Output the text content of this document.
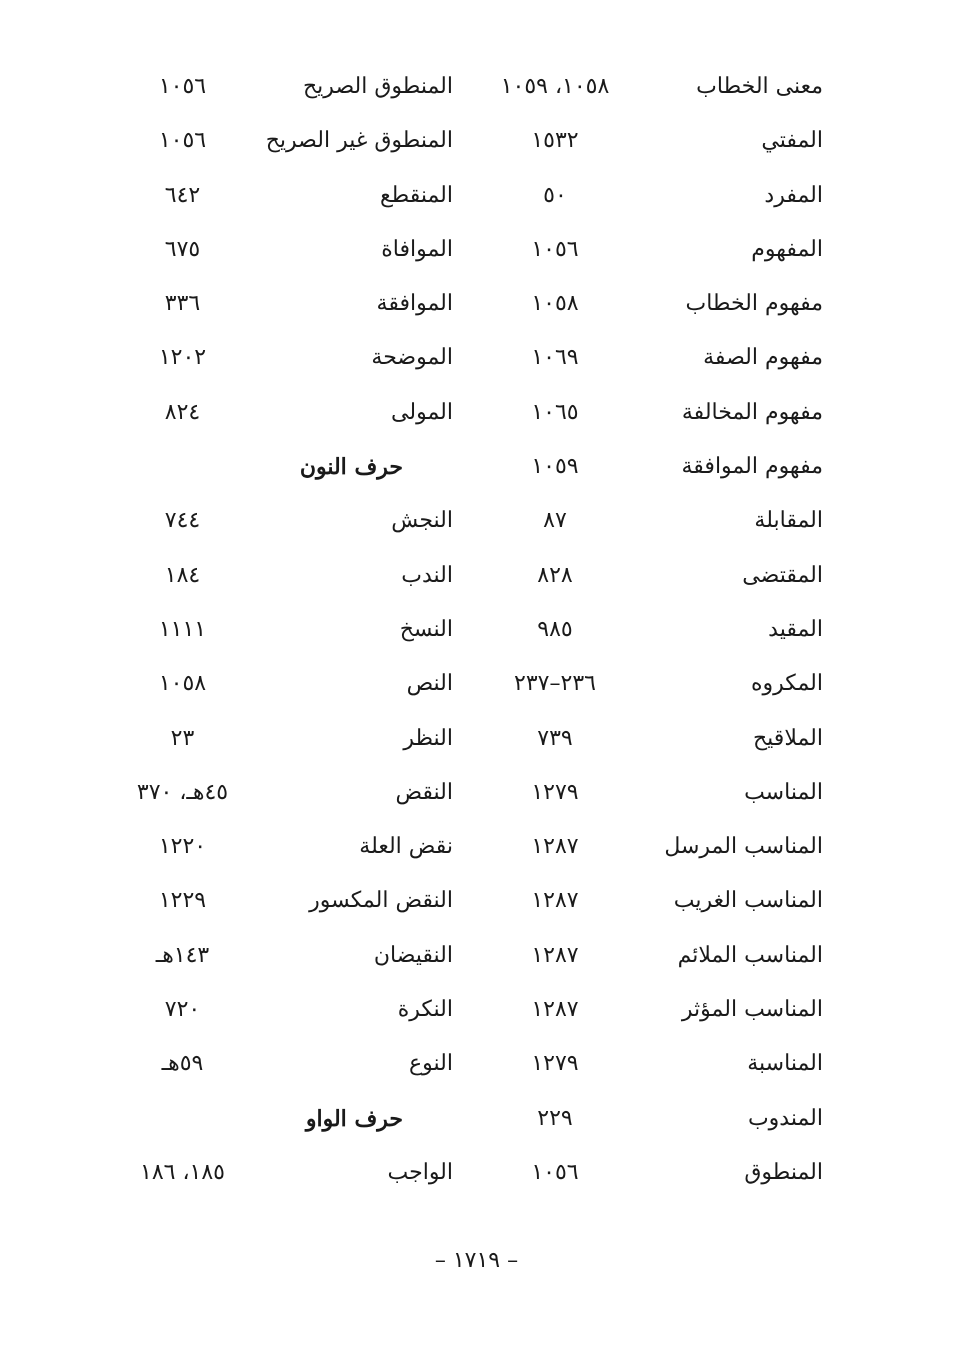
معنى الخطاب
١٠٥٨، ١٠٥٩
المنطوق الصريح
١٠٥٦
المفتي
١٥٣٢
المنطوق غير الصريح
١٠٥٦
المفرد
٥٠
المنقطع
٦٤٢
المفهوم
١٠٥٦
الموافاة
٦٧٥
مفهوم الخطاب
١٠٥٨
الموافقة
٣٣٦
مفهوم الصفة
١٠٦٩
الموضحة
١٢٠٢
مفهوم المخالفة
١٠٦٥
المولى
٨٢٤
مفهوم الموافقة
١٠٥٩
حرف النون
المقابلة
٨٧
النجش
٧٤٤
المقتضى
٨٢٨
الندب
١٨٤
المقيد
٩٨٥
النسخ
١١١١
المكروه
٢٣٦–٢٣٧
النص
١٠٥٨
الملاقيح
٧٣٩
النظر
٢٣
المناسب
١٢٧٩
النقض
٤٥هـ، ٣٧٠
المناسب المرسل
١٢٨٧
نقض العلة
١٢٢٠
المناسب الغريب
١٢٨٧
النقض المكسور
١٢٢٩
المناسب الملائم
١٢٨٧
النقيضان
١٤٣هـ
المناسب المؤثر
١٢٨٧
النكرة
٧٢٠
المناسبة
١٢٧٩
النوع
٥٩هـ
المندوب
٢٢٩
حرف الواو
المنطوق
١٠٥٦
الواجب
١٨٥، ١٨٦
– ١٧١٩ –
